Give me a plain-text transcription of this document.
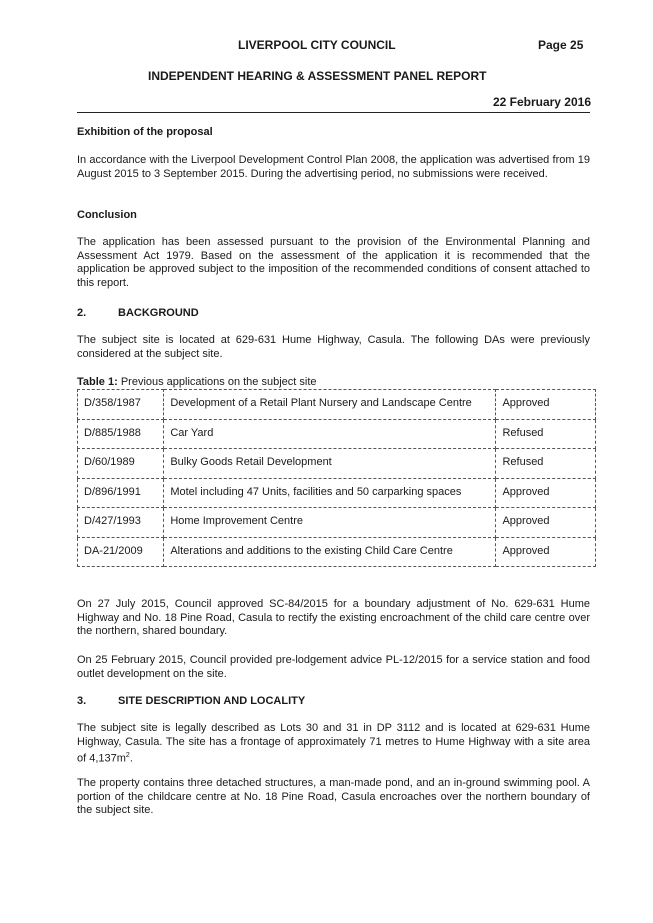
LIVERPOOL CITY COUNCIL	Page 25
INDEPENDENT HEARING & ASSESSMENT PANEL REPORT
22 February 2016
Exhibition of the proposal
In accordance with the Liverpool Development Control Plan 2008, the application was advertised from 19 August 2015 to 3 September 2015. During the advertising period, no submissions were received.
Conclusion
The application has been assessed pursuant to the provision of the Environmental Planning and Assessment Act 1979. Based on the assessment of the application it is recommended that the application be approved subject to the imposition of the recommended conditions of consent attached to this report.
2.	BACKGROUND
The subject site is located at 629-631 Hume Highway, Casula. The following DAs were previously considered at the subject site.
Table 1: Previous applications on the subject site
D/358/1987	Development of a Retail Plant Nursery and Landscape Centre	Approved
D/885/1988	Car Yard	Refused
D/60/1989	Bulky Goods Retail Development	Refused
D/896/1991	Motel including 47 Units, facilities and 50 carparking spaces	Approved
D/427/1993	Home Improvement Centre	Approved
DA-21/2009	Alterations and additions to the existing Child Care Centre	Approved
On 27 July 2015, Council approved SC-84/2015 for a boundary adjustment of No. 629-631 Hume Highway and No. 18 Pine Road, Casula to rectify the existing encroachment of the child care centre over the northern, shared boundary.
On 25 February 2015, Council provided pre-lodgement advice PL-12/2015 for a service station and food outlet development on the site.
3.	SITE DESCRIPTION AND LOCALITY
The subject site is legally described as Lots 30 and 31 in DP 3112 and is located at 629-631 Hume Highway, Casula. The site has a frontage of approximately 71 metres to Hume Highway with a site area of $4,137m^2$.
The property contains three detached structures, a man-made pond, and an in-ground swimming pool. A portion of the childcare centre at No. 18 Pine Road, Casula encroaches over the northern boundary of the subject site.
